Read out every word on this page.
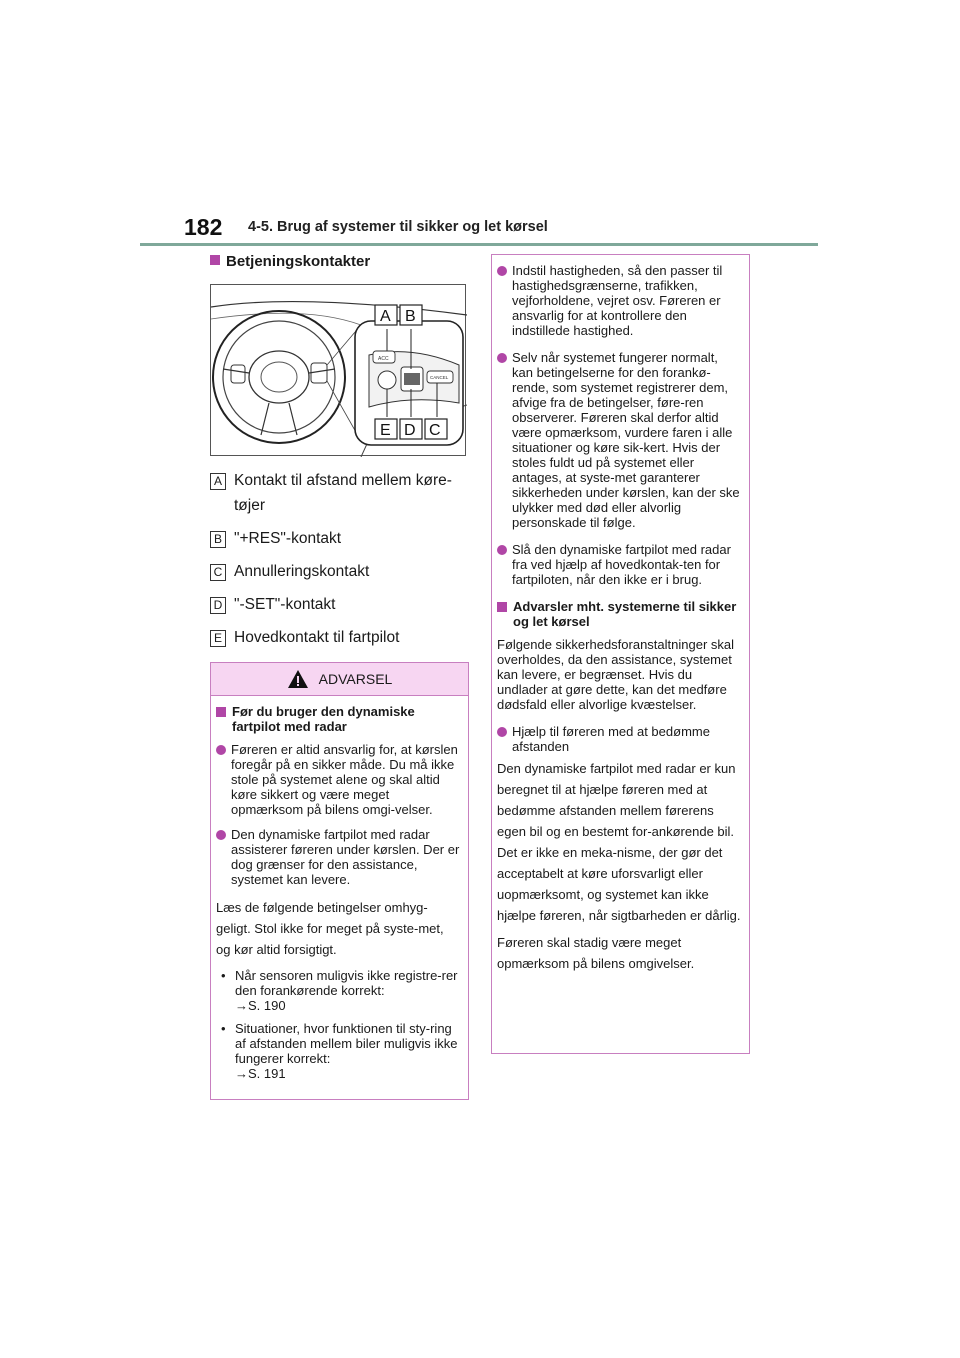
182 4-5. Brug af systemer til sikker og let kørsel
Betjeningskontakter
ACC
CANCEL
A B
E D C
A Kontakt til afstand mellem køre-tøjer
B "+RES"-kontakt
C Annulleringskontakt
D "-SET"-kontakt
E Hovedkontakt til fartpilot
ADVARSEL
Før du bruger den dynamiske fartpilot med radar
Føreren er altid ansvarlig for, at kørslen foregår på en sikker måde. Du må ikke stole på systemet alene og skal altid køre sikkert og være meget opmærksom på bilens omgi-velser.
Den dynamiske fartpilot med radar assisterer føreren under kørslen. Der er dog grænser for den assistance, systemet kan levere.
Læs de følgende betingelser omhyg-geligt. Stol ikke for meget på syste-met, og kør altid forsigtigt.
• Når sensoren muligvis ikke registre-rer den forankørende korrekt:
→S. 190
• Situationer, hvor funktionen til sty-ring af afstanden mellem biler muligvis ikke fungerer korrekt:
→S. 191
Indstil hastigheden, så den passer til hastighedsgrænserne, trafikken, vejforholdene, vejret osv. Føreren er ansvarlig for at kontrollere den indstillede hastighed.
Selv når systemet fungerer normalt, kan betingelserne for den forankø-rende, som systemet registrerer dem, afvige fra de betingelser, føre-ren observerer. Føreren skal derfor altid være opmærksom, vurdere faren i alle situationer og køre sik-kert. Hvis der stoles fuldt ud på systemet eller antages, at syste-met garanterer sikkerheden under kørslen, kan der ske ulykker med død eller alvorlig personskade til følge.
Slå den dynamiske fartpilot med radar fra ved hjælp af hovedkontak-ten for fartpiloten, når den ikke er i brug.
Advarsler mht. systemerne til sikker og let kørsel
Følgende sikkerhedsforanstaltninger skal overholdes, da den assistance, systemet kan levere, er begrænset. Hvis du undlader at gøre dette, kan det medføre dødsfald eller alvorlige kvæstelser.
Hjælp til føreren med at bedømme afstanden
Den dynamiske fartpilot med radar er kun beregnet til at hjælpe føreren med at bedømme afstanden mellem førerens egen bil og en bestemt for-ankørende bil. Det er ikke en meka-nisme, der gør det acceptabelt at køre uforsvarligt eller uopmærksomt, og systemet kan ikke hjælpe føreren, når sigtbarheden er dårlig.
Føreren skal stadig være meget opmærksom på bilens omgivelser.
